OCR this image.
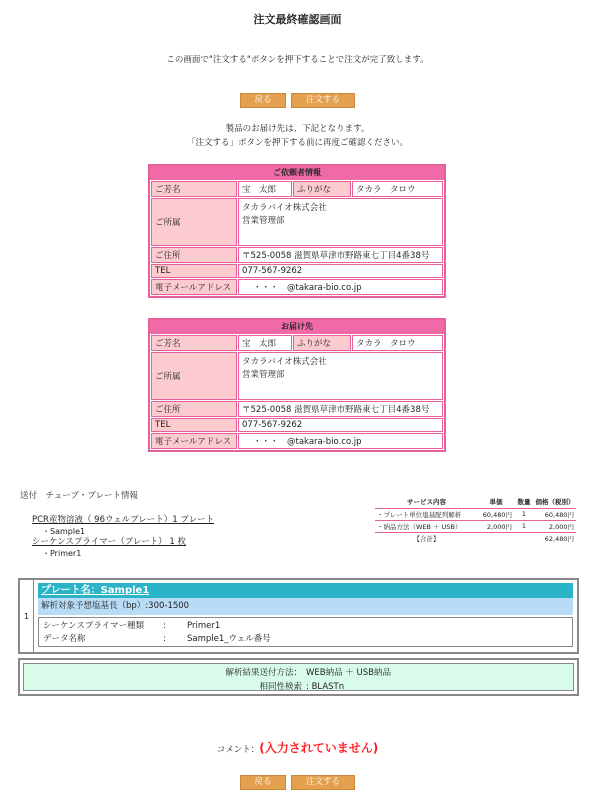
注文最終確認画面
この画面で"注文する"ボタンを押下することで注文が完了致します。
戻る	注文する
製品のお届け先は、下記となります。
「注文する」ボタンを押下する前に再度ご確認ください。
ご依頼者情報
ご芳名	宝　太郎	ふりがな	タカラ　タロウ
ご所属	タカラバイオ株式会社
営業管理部		

ご住所	〒525-0058 滋賀県草津市野路東七丁目4番38号		
TEL	077-567-9262		
電子メールアドレス	・・・　@takara-bio.co.jp		
お届け先
ご芳名	宝　太郎	ふりがな	タカラ　タロウ
ご所属	タカラバイオ株式会社
営業管理部		

ご住所	〒525-0058 滋賀県草津市野路東七丁目4番38号		
TEL	077-567-9262		
電子メールアドレス	・・・　@takara-bio.co.jp		
送付　チューブ・プレート情報
PCR産物溶液（ 96ウェルプレート）1 プレート
・Sample1
シーケンスプライマー（プレート） 1 枚
・Primer1
サービス内容	単価	数量	価格（税別）
・プレート単位塩基配列解析	60,480円	1	60,480円
・納品方法（WEB ＋ USB）	2,000円	1	2,000円
【合計】			62,480円
1
プレート名：Sample1
解析対象予想塩基長（bp）:300-1500
シーケンスプライマー種類 : Primer1
データ名称	: Sample1_ウェル番号
解析結果送付方法： WEB納品 ＋ USB納品
相同性検索 : BLASTn
コメント：(入力されていません)
戻る	注文する
